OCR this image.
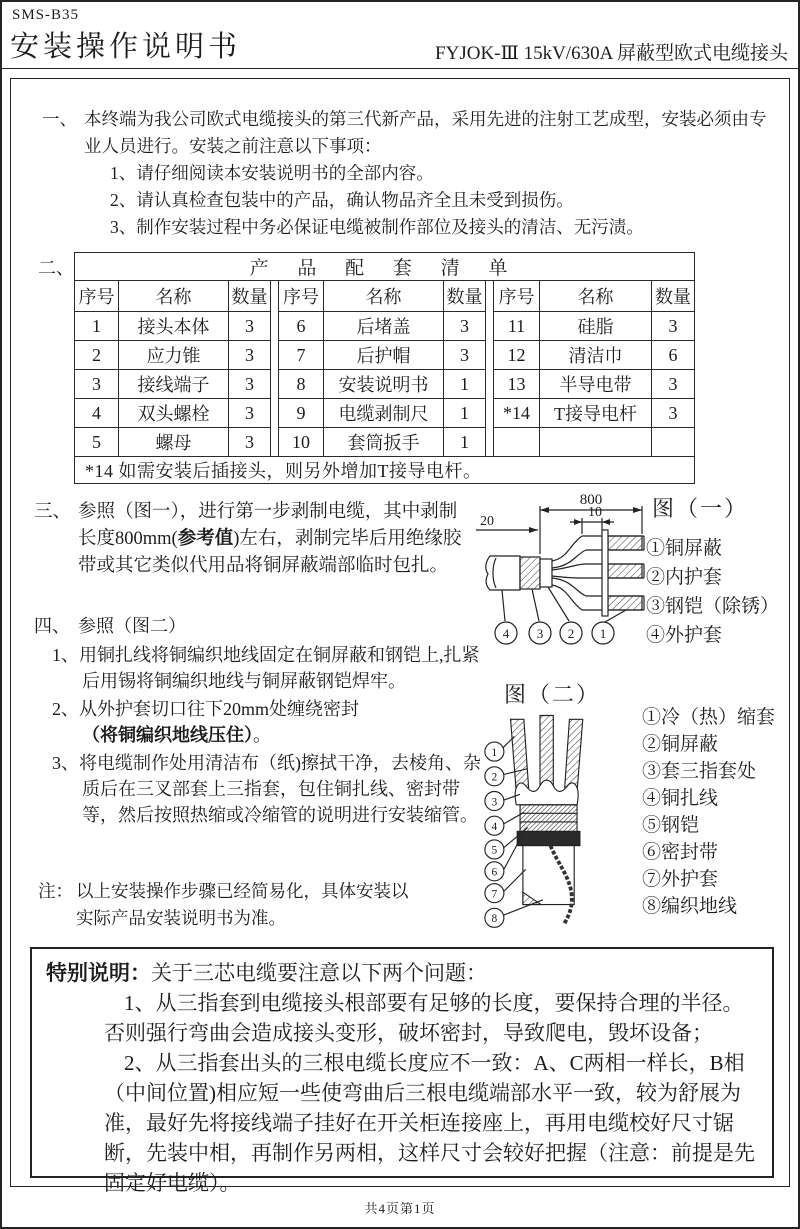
SMS-B35
安装操作说明书	FYJOK-Ⅲ 15kV/630A 屏蔽型欧式电缆接头
一、 本终端为我公司欧式电缆接头的第三代新产品，采用先进的注射工艺成型，安装必须由专业人员进行。安装之前注意以下事项：
1、请仔细阅读本安装说明书的全部内容。
2、请认真检查包装中的产品，确认物品齐全且未受到损伤。
3、制作安装过程中务必保证电缆被制作部位及接头的清洁、无污渍。
二、	产 品 配 套 清 单										
序号	名称	数量		序号	名称	数量		序号	名称	数量
1	接头本体	3		6	后堵盖	3		11	硅脂	3
2	应力锥	3		7	后护帽	3		12	清洁巾	6
3	接线端子	3		8	安装说明书	1		13	半导电带	3
4	双头螺栓	3		9	电缆剥制尺	1		*14	T接导电杆	3
5	螺母	3		10	套筒扳手	1				
*14 如需安装后插接头，则另外增加T接导电杆。										
三、 参照（图一），进行第一步剥制电缆，其中剥制长度800mm(参考值)左右，剥制完毕后用绝缘胶带或其它类似代用品将铜屏蔽端部临时包扎。
四、 参照（图二）
1、用铜扎线将铜编织地线固定在铜屏蔽和钢铠上,扎紧后用锡将铜编织地线与铜屏蔽钢铠焊牢。
2、从外护套切口往下20mm处缠绕密封
（将铜编织地线压住）。
3、将电缆制作处用清洁布（纸)擦拭干净，去棱角、杂质后在三叉部套上三指套，包住铜扎线、密封带等，然后按照热缩或冷缩管的说明进行安装缩管。
注： 以上安装操作步骤已经简易化，具体安装以实际产品安装说明书为准。
800
10
20
4 3 2 1
图（一）
①铜屏蔽
②内护套
③钢铠（除锈）
④外护套
图（二）
1
2
3
4
5
6
7
8
①冷（热）缩套
②铜屏蔽
③套三指套处
④铜扎线
⑤钢铠
⑥密封带
⑦外护套
⑧编织地线
特别说明：关于三芯电缆要注意以下两个问题：
1、从三指套到电缆接头根部要有足够的长度，要保持合理的半径。否则强行弯曲会造成接头变形，破坏密封，导致爬电，毁坏设备；
2、从三指套出头的三根电缆长度应不一致：A、C两相一样长，B相（中间位置)相应短一些使弯曲后三根电缆端部水平一致，较为舒展为准，最好先将接线端子挂好在开关柜连接座上，再用电缆校好尺寸锯断，先装中相，再制作另两相，这样尺寸会较好把握（注意：前提是先固定好电缆）。
共4页第1页
